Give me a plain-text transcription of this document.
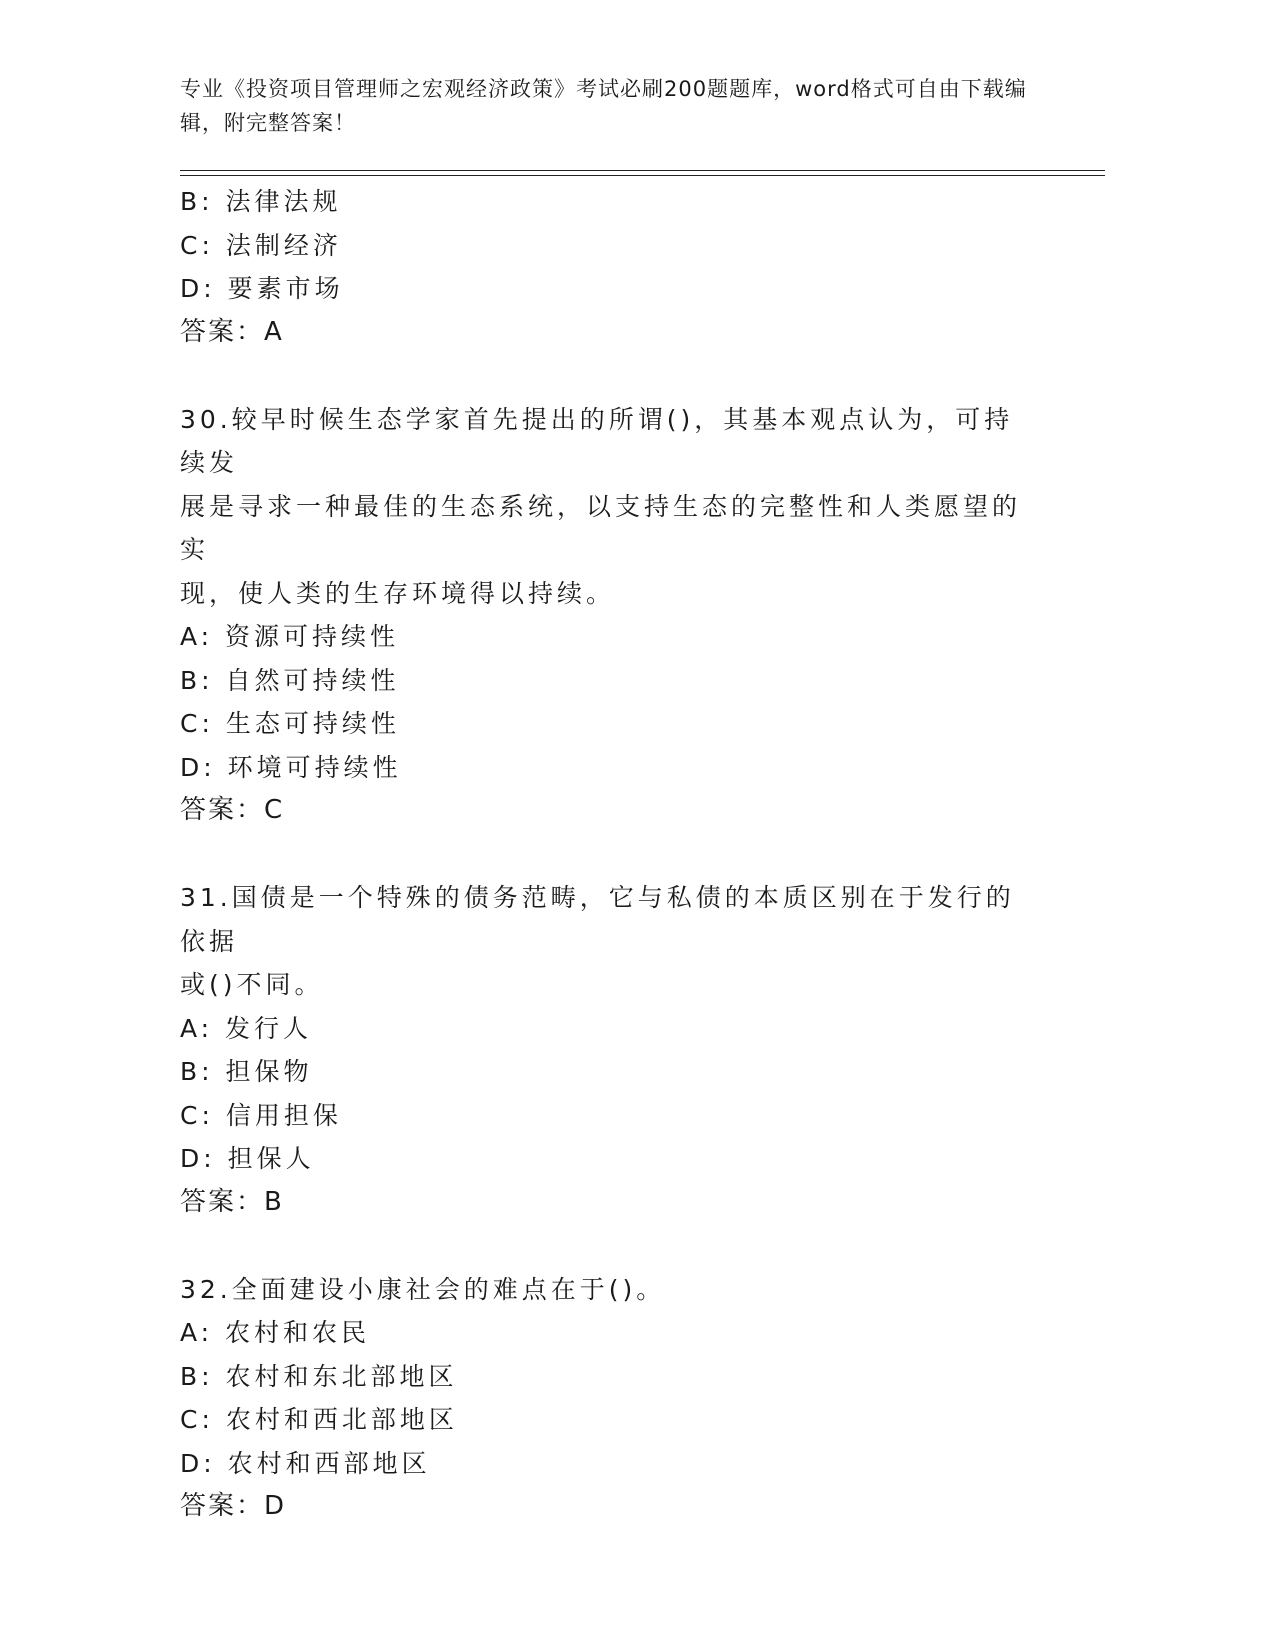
专业《投资项目管理师之宏观经济政策》考试必刷200题题库，word格式可自由下载编辑，附完整答案！
B: 法律法规
C: 法制经济
D: 要素市场
答案：A
30.较早时候生态学家首先提出的所谓()，其基本观点认为，可持续发
展是寻求一种最佳的生态系统，以支持生态的完整性和人类愿望的实
现，使人类的生存环境得以持续。
A: 资源可持续性
B: 自然可持续性
C: 生态可持续性
D: 环境可持续性
答案：C
31.国债是一个特殊的债务范畴，它与私债的本质区别在于发行的依据
或()不同。
A: 发行人
B: 担保物
C: 信用担保
D: 担保人
答案：B
32.全面建设小康社会的难点在于()。
A: 农村和农民
B: 农村和东北部地区
C: 农村和西北部地区
D: 农村和西部地区
答案：D
